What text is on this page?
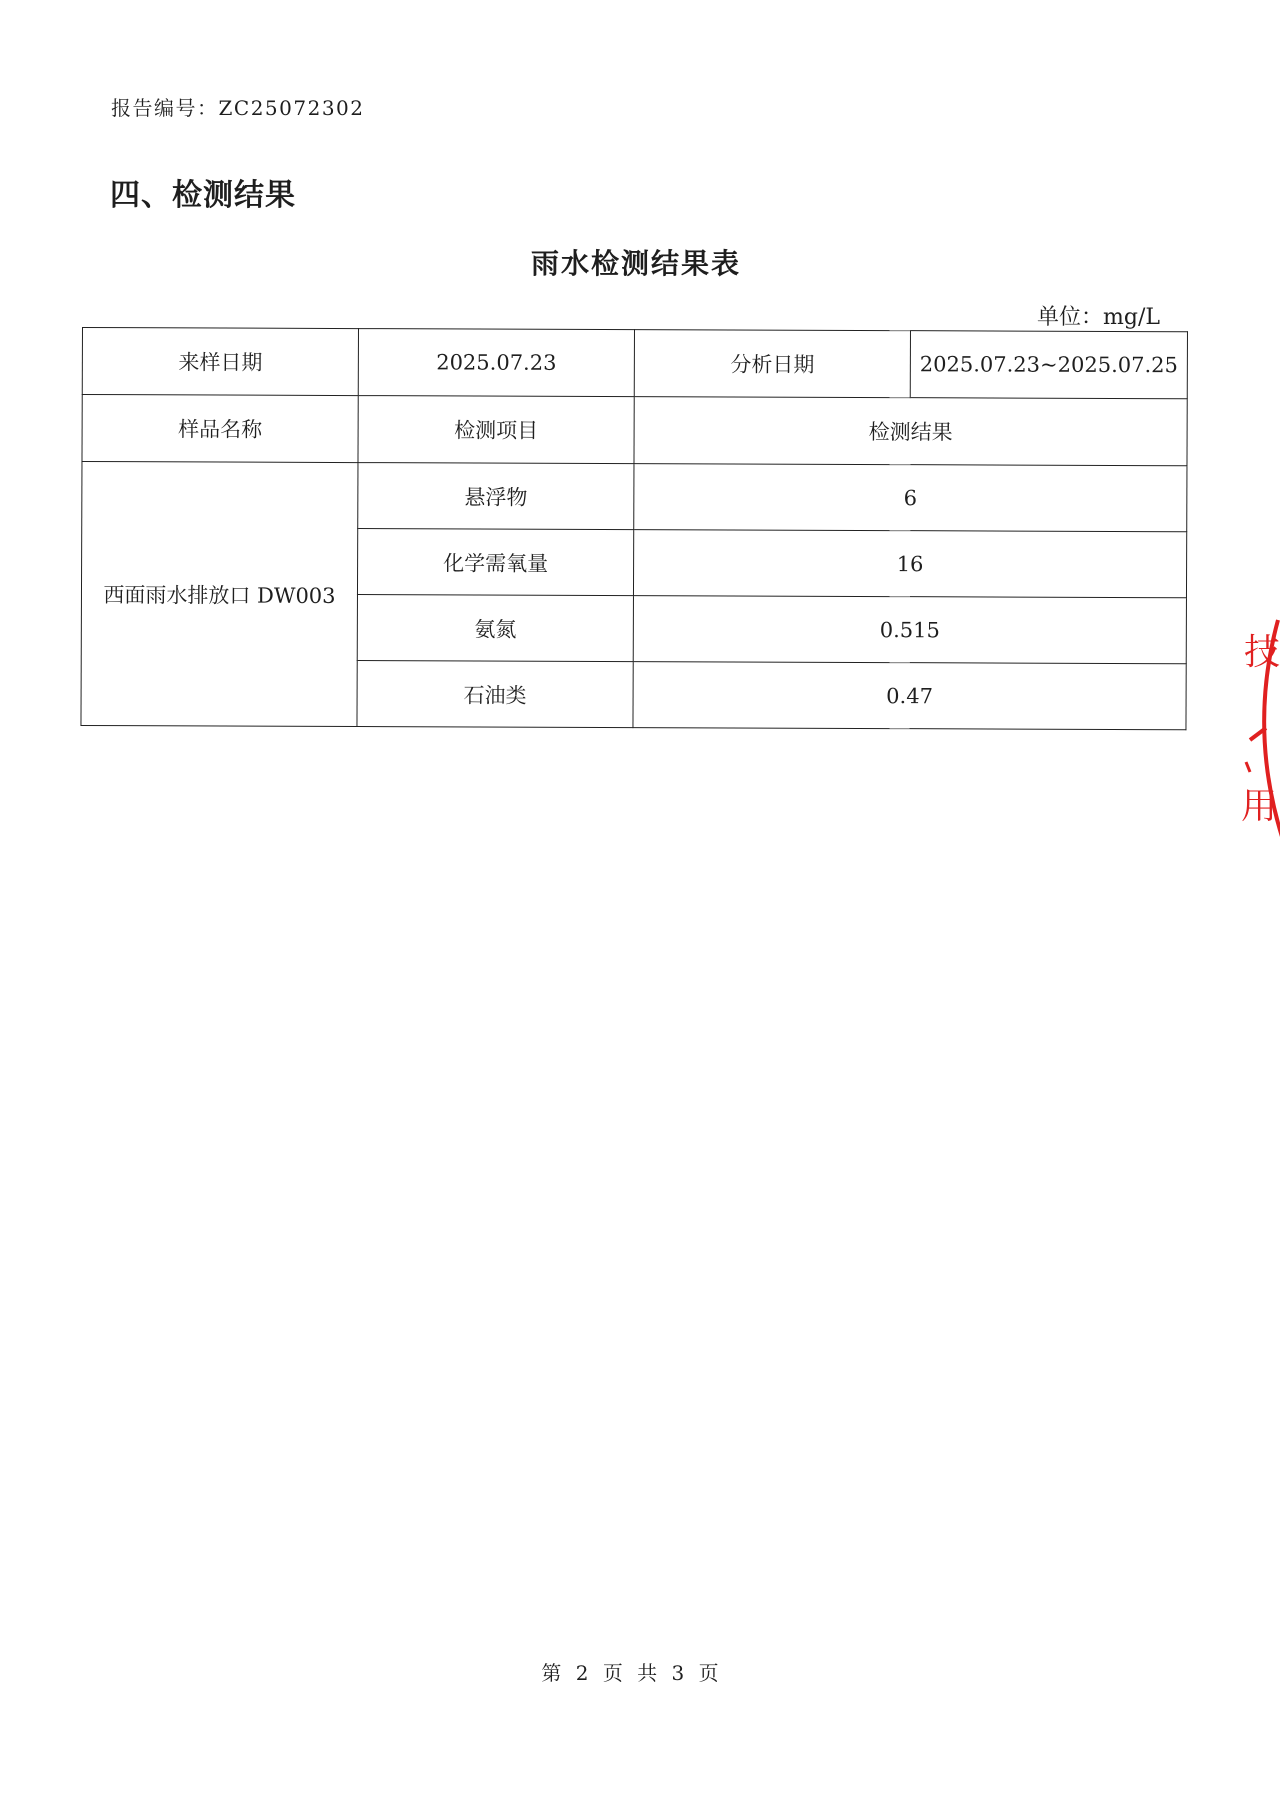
报告编号：ZC25072302
四、检测结果
雨水检测结果表
单位：mg/L
来样日期	2025.07.23	分析日期	2025.07.23~2025.07.25
样品名称	检测项目	检测结果	
西面雨水排放口 DW003	悬浮物	6	
	化学需氧量	16	
	氨氮	0.515	
	石油类	0.47	
技
用
第 2 页 共 3 页
